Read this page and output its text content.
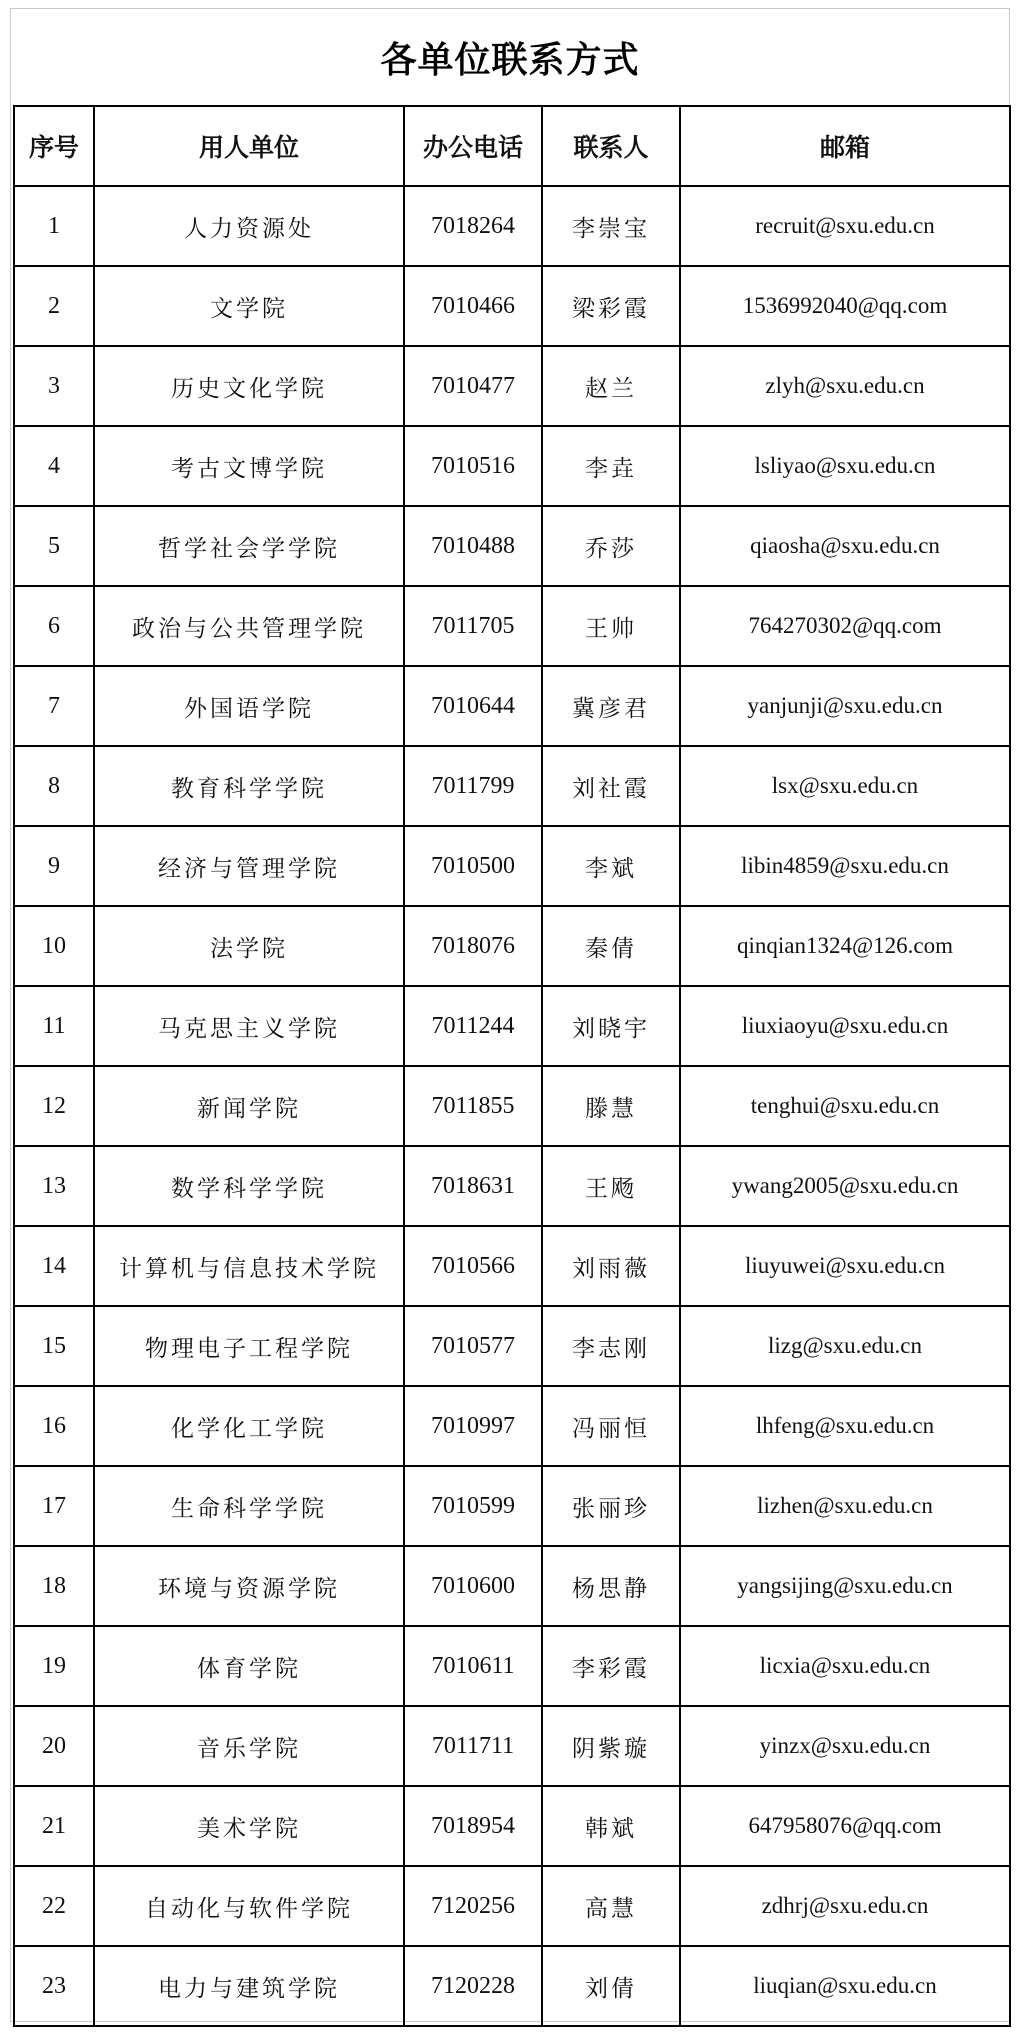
各单位联系方式
序号	用人单位	办公电话	联系人	邮箱
1	人力资源处	7018264	李崇宝	recruit@sxu.edu.cn
2	文学院	7010466	梁彩霞	1536992040@qq.com
3	历史文化学院	7010477	赵兰	zlyh@sxu.edu.cn
4	考古文博学院	7010516	李垚	lsliyao@sxu.edu.cn
5	哲学社会学学院	7010488	乔莎	qiaosha@sxu.edu.cn
6	政治与公共管理学院	7011705	王帅	764270302@qq.com
7	外国语学院	7010644	冀彦君	yanjunji@sxu.edu.cn
8	教育科学学院	7011799	刘社霞	lsx@sxu.edu.cn
9	经济与管理学院	7010500	李斌	libin4859@sxu.edu.cn
10	法学院	7018076	秦倩	qinqian1324@126.com
11	马克思主义学院	7011244	刘晓宇	liuxiaoyu@sxu.edu.cn
12	新闻学院	7011855	滕慧	tenghui@sxu.edu.cn
13	数学科学学院	7018631	王飏	ywang2005@sxu.edu.cn
14	计算机与信息技术学院	7010566	刘雨薇	liuyuwei@sxu.edu.cn
15	物理电子工程学院	7010577	李志刚	lizg@sxu.edu.cn
16	化学化工学院	7010997	冯丽恒	lhfeng@sxu.edu.cn
17	生命科学学院	7010599	张丽珍	lizhen@sxu.edu.cn
18	环境与资源学院	7010600	杨思静	yangsijing@sxu.edu.cn
19	体育学院	7010611	李彩霞	licxia@sxu.edu.cn
20	音乐学院	7011711	阴紫璇	yinzx@sxu.edu.cn
21	美术学院	7018954	韩斌	647958076@qq.com
22	自动化与软件学院	7120256	高慧	zdhrj@sxu.edu.cn
23	电力与建筑学院	7120228	刘倩	liuqian@sxu.edu.cn
